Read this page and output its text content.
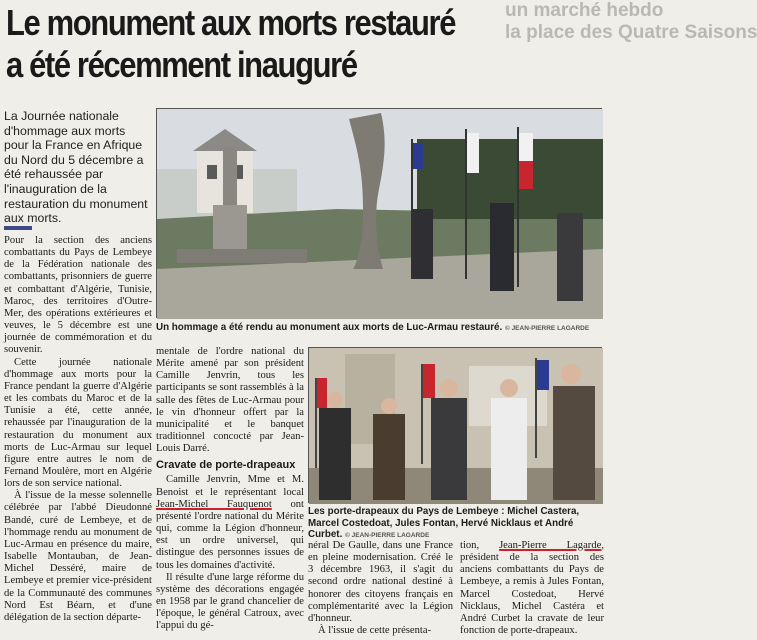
un marché hebdo
la place des Quatre Saisons
Le monument aux morts restauré
a été récemment inauguré
La Journée nationale d'hommage aux morts pour la France en Afrique du Nord du 5 décembre a été rehaussée par l'inauguration de la restauration du monument aux morts.

Pour la section des anciens combattants du Pays de Lembeye de la Fédération nationale des combattants, prisonniers de guerre et combattant d'Algérie, Tunisie, Maroc, des territoires d'Outre-Mer, des opérations extérieures et veuves, le 5 décembre est une journée de commémoration et du souvenir.

Cette journée nationale d'hommage aux morts pour la France pendant la guerre d'Algérie et les combats du Maroc et de la Tunisie a été, cette année, rehaussée par l'inauguration de la restauration du monument aux morts de Luc-Armau sur lequel figure entre autres le nom de Fernand Moulère, mort en Algérie lors de son service national.

À l'issue de la messe solennelle célébrée par l'abbé Dieudonné Bandé, curé de Lembeye, et de l'hommage rendu au monument de Luc-Armau en présence du maire, Isabelle Montauban, de Jean-Michel Desséré, maire de Lembeye et premier vice-président de la Communauté des communes Nord Est Béarn, et d'une délégation de la section départe-

Un hommage a été rendu au monument aux morts de Luc-Armau restauré. © JEAN-PIERRE LAGARDE

mentale de l'ordre national du Mérite amené par son président Camille Jenvrin, tous les participants se sont rassemblés à la salle des fêtes de Luc-Armau pour le vin d'honneur offert par la municipalité et le banquet traditionnel concocté par Jean-Louis Darré.

Cravate de porte-drapeaux

Camille Jenvrin, Mme et M. Benoist et le représentant local Jean-Michel Fauquenot ont présenté l'ordre national du Mérite qui, comme la Légion d'honneur, est un ordre universel, qui distingue des personnes issues de tous les domaines d'activité.

Il résulte d'une large réforme du système des décorations engagée en 1958 par le grand chancelier de l'époque, le général Catroux, avec l'appui du gé-

Les porte-drapeaux du Pays de Lembeye : Michel Castera, Marcel Costedoat, Jules Fontan, Hervé Nicklaus et André Curbet. © JEAN-PIERRE LAGARDE

néral De Gaulle, dans une France en pleine modernisation. Créé le 3 décembre 1963, il s'agit du second ordre national destiné à honorer des citoyens français en complémentarité avec la Légion d'honneur.

À l'issue de cette présenta-

tion, Jean-Pierre Lagarde, président de la section des anciens combattants du Pays de Lembeye, a remis à Jules Fontan, Marcel Costedoat, Hervé Nicklaus, Michel Castéra et André Curbet la cravate de leur fonction de porte-drapeaux.
